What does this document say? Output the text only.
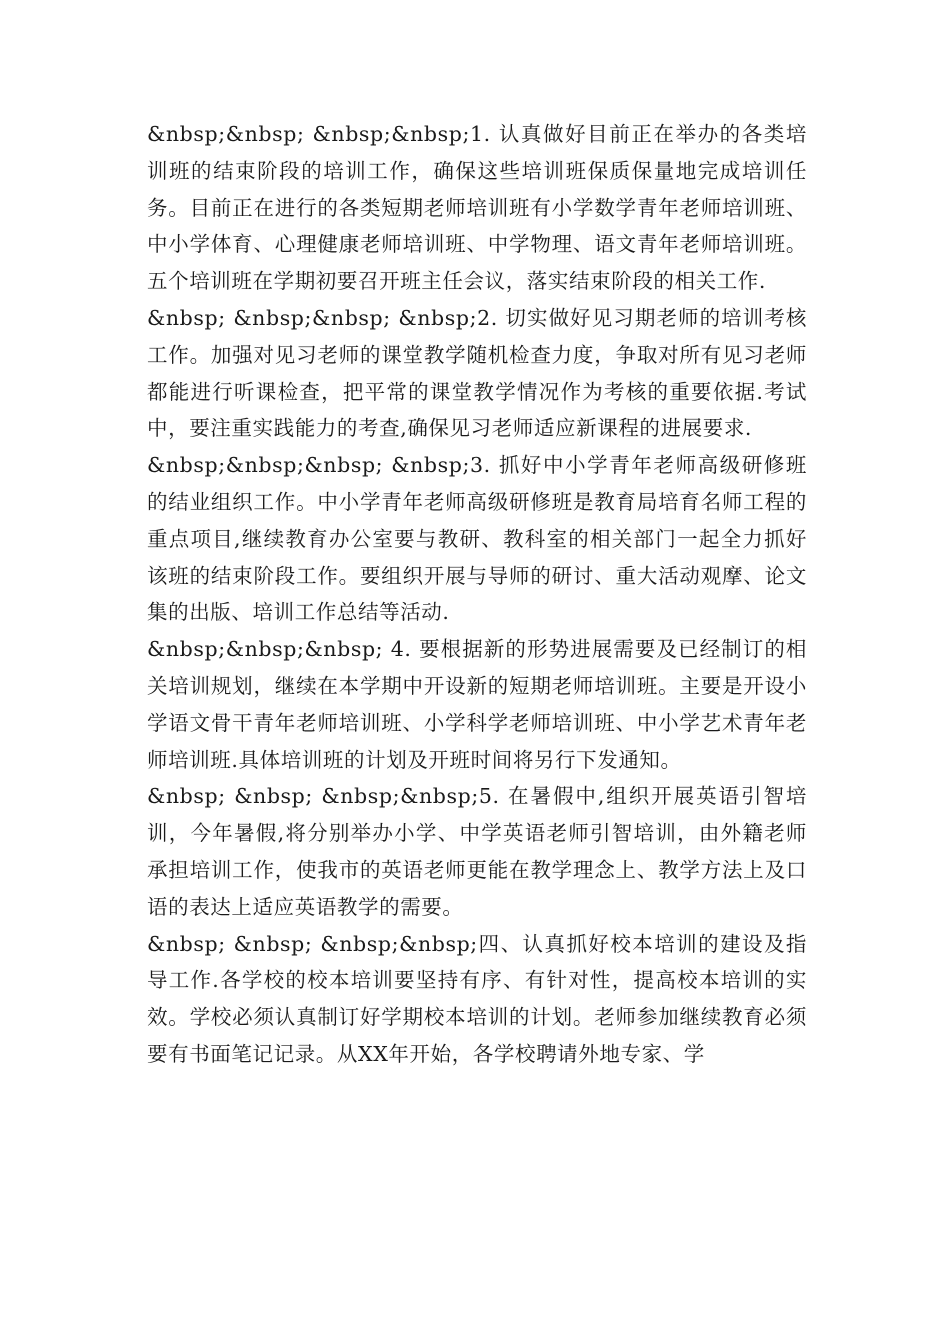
&nbsp;&nbsp; &nbsp;&nbsp;1. 认真做好目前正在举办的各类培训班的结束阶段的培训工作，确保这些培训班保质保量地完成培训任务。目前正在进行的各类短期老师培训班有小学数学青年老师培训班、中小学体育、心理健康老师培训班、中学物理、语文青年老师培训班。五个培训班在学期初要召开班主任会议，落实结束阶段的相关工作.

&nbsp; &nbsp;&nbsp; &nbsp;2. 切实做好见习期老师的培训考核工作。加强对见习老师的课堂教学随机检查力度，争取对所有见习老师都能进行听课检查，把平常的课堂教学情况作为考核的重要依据.考试中，要注重实践能力的考查,确保见习老师适应新课程的进展要求.

&nbsp;&nbsp;&nbsp; &nbsp;3. 抓好中小学青年老师高级研修班的结业组织工作。中小学青年老师高级研修班是教育局培育名师工程的重点项目,继续教育办公室要与教研、教科室的相关部门一起全力抓好该班的结束阶段工作。要组织开展与导师的研讨、重大活动观摩、论文集的出版、培训工作总结等活动.

&nbsp;&nbsp;&nbsp; 4. 要根据新的形势进展需要及已经制订的相关培训规划，继续在本学期中开设新的短期老师培训班。主要是开设小学语文骨干青年老师培训班、小学科学老师培训班、中小学艺术青年老师培训班.具体培训班的计划及开班时间将另行下发通知。

&nbsp; &nbsp; &nbsp;&nbsp;5. 在暑假中,组织开展英语引智培训，今年暑假,将分别举办小学、中学英语老师引智培训，由外籍老师承担培训工作，使我市的英语老师更能在教学理念上、教学方法上及口语的表达上适应英语教学的需要。

&nbsp; &nbsp; &nbsp;&nbsp;四、认真抓好校本培训的建设及指导工作.各学校的校本培训要坚持有序、有针对性，提高校本培训的实效。学校必须认真制订好学期校本培训的计划。老师参加继续教育必须要有书面笔记记录。从XX年开始，各学校聘请外地专家、学
